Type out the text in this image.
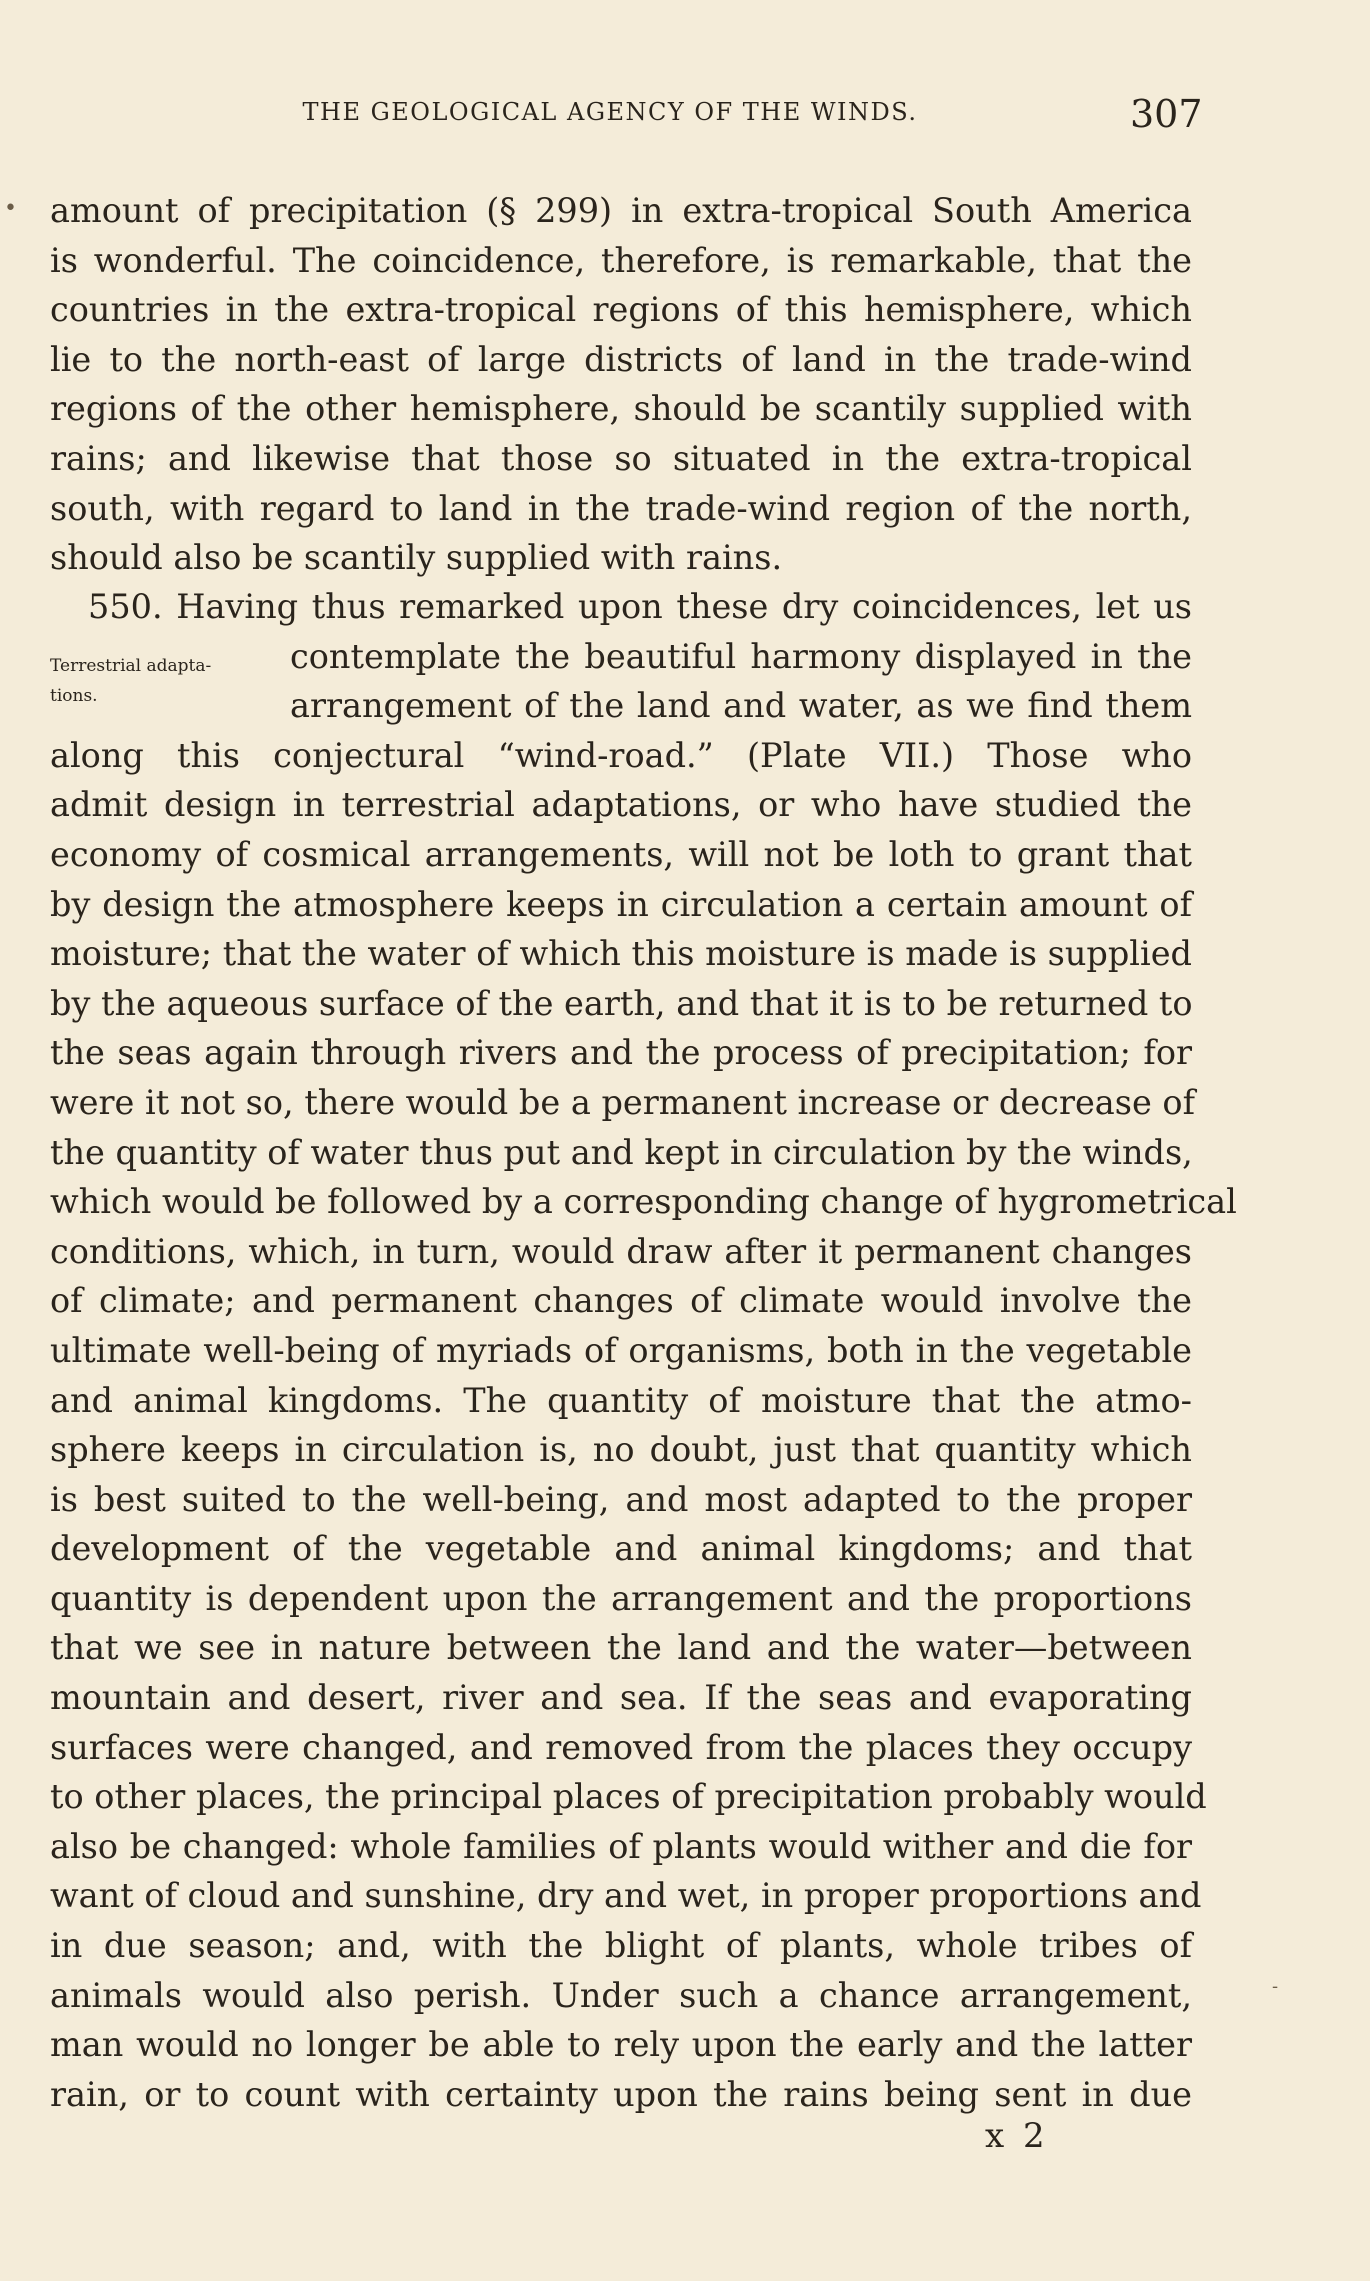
THE GEOLOGICAL AGENCY OF THE WINDS.	307
• amount of precipitation (§ 299) in extra-tropical South America
is wonderful. The coincidence, therefore, is remarkable, that the
countries in the extra-tropical regions of this hemisphere, which
lie to the north-east of large districts of land in the trade-wind
regions of the other hemisphere, should be scantily supplied with
rains; and likewise that those so situated in the extra-tropical
south, with regard to land in the trade-wind region of the north,
should also be scantily supplied with rains.
Terrestrial adapta-
tions.
550. Having thus remarked upon these dry coincidences, let us
contemplate the beautiful harmony displayed in the
arrangement of the land and water, as we find them
along this conjectural “wind-road.” (Plate VII.) Those who
admit design in terrestrial adaptations, or who have studied the
economy of cosmical arrangements, will not be loth to grant that
by design the atmosphere keeps in circulation a certain amount of
moisture; that the water of which this moisture is made is supplied
by the aqueous surface of the earth, and that it is to be returned to
the seas again through rivers and the process of precipitation; for
were it not so, there would be a permanent increase or decrease of
the quantity of water thus put and kept in circulation by the winds,
which would be followed by a corresponding change of hygrometrical
conditions, which, in turn, would draw after it permanent changes
of climate; and permanent changes of climate would involve the
ultimate well-being of myriads of organisms, both in the vegetable
and animal kingdoms. The quantity of moisture that the atmo-
sphere keeps in circulation is, no doubt, just that quantity which
is best suited to the well-being, and most adapted to the proper
development of the vegetable and animal kingdoms; and that
quantity is dependent upon the arrangement and the proportions
that we see in nature between the land and the water—between
mountain and desert, river and sea. If the seas and evaporating
surfaces were changed, and removed from the places they occupy
to other places, the principal places of precipitation probably would
also be changed: whole families of plants would wither and die for
want of cloud and sunshine, dry and wet, in proper proportions and
in due season; and, with the blight of plants, whole tribes of
animals would also perish. Under such a chance arrangement,
man would no longer be able to rely upon the early and the latter
rain, or to count with certainty upon the rains being sent in due
-
x 2
